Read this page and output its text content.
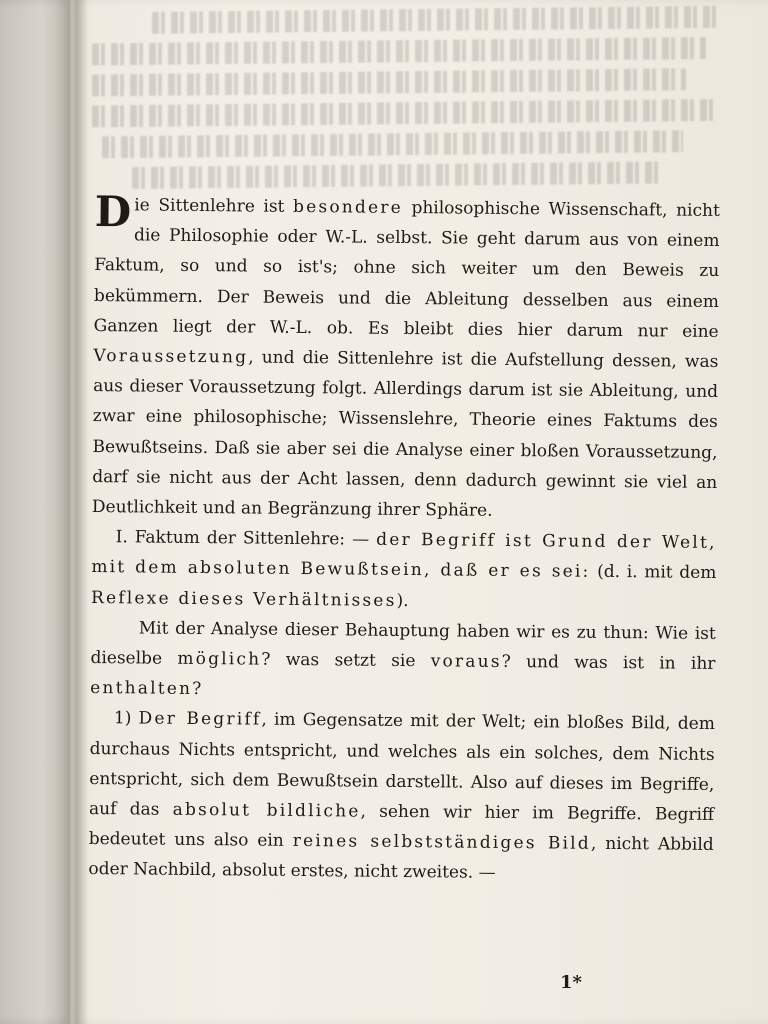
D ie Sittenlehre ist besondere philosophische Wissenschaft, nicht die Philosophie oder W.-L. selbst. Sie geht darum aus von einem Faktum, so und so ist's; ohne sich weiter um den Beweis zu bekümmern. Der Beweis und die Ableitung desselben aus einem Ganzen liegt der W.-L. ob. Es bleibt dies hier darum nur eine Voraussetzung, und die Sittenlehre ist die Aufstellung dessen, was aus dieser Voraussetzung folgt. Allerdings darum ist sie Ableitung, und zwar eine philosophische; Wissenslehre, Theorie eines Faktums des Bewußtseins. Daß sie aber sei die Analyse einer bloßen Voraussetzung, darf sie nicht aus der Acht lassen, denn dadurch gewinnt sie viel an Deutlichkeit und an Begränzung ihrer Sphäre.

I. Faktum der Sittenlehre: — der Begriff ist Grund der Welt, mit dem absoluten Bewußtsein, daß er es sei: (d. i. mit dem Reflexe dieses Verhältnisses).

Mit der Analyse dieser Behauptung haben wir es zu thun: Wie ist dieselbe möglich? was setzt sie voraus? und was ist in ihr enthalten?

1) Der Begriff, im Gegensatze mit der Welt; ein bloßes Bild, dem durchaus Nichts entspricht, und welches als ein solches, dem Nichts entspricht, sich dem Bewußtsein darstellt. Also auf dieses im Begriffe, auf das absolut bildliche, sehen wir hier im Begriffe. Begriff bedeutet uns also ein reines selbstständiges Bild, nicht Abbild oder Nachbild, absolut erstes, nicht zweites. —

1*
